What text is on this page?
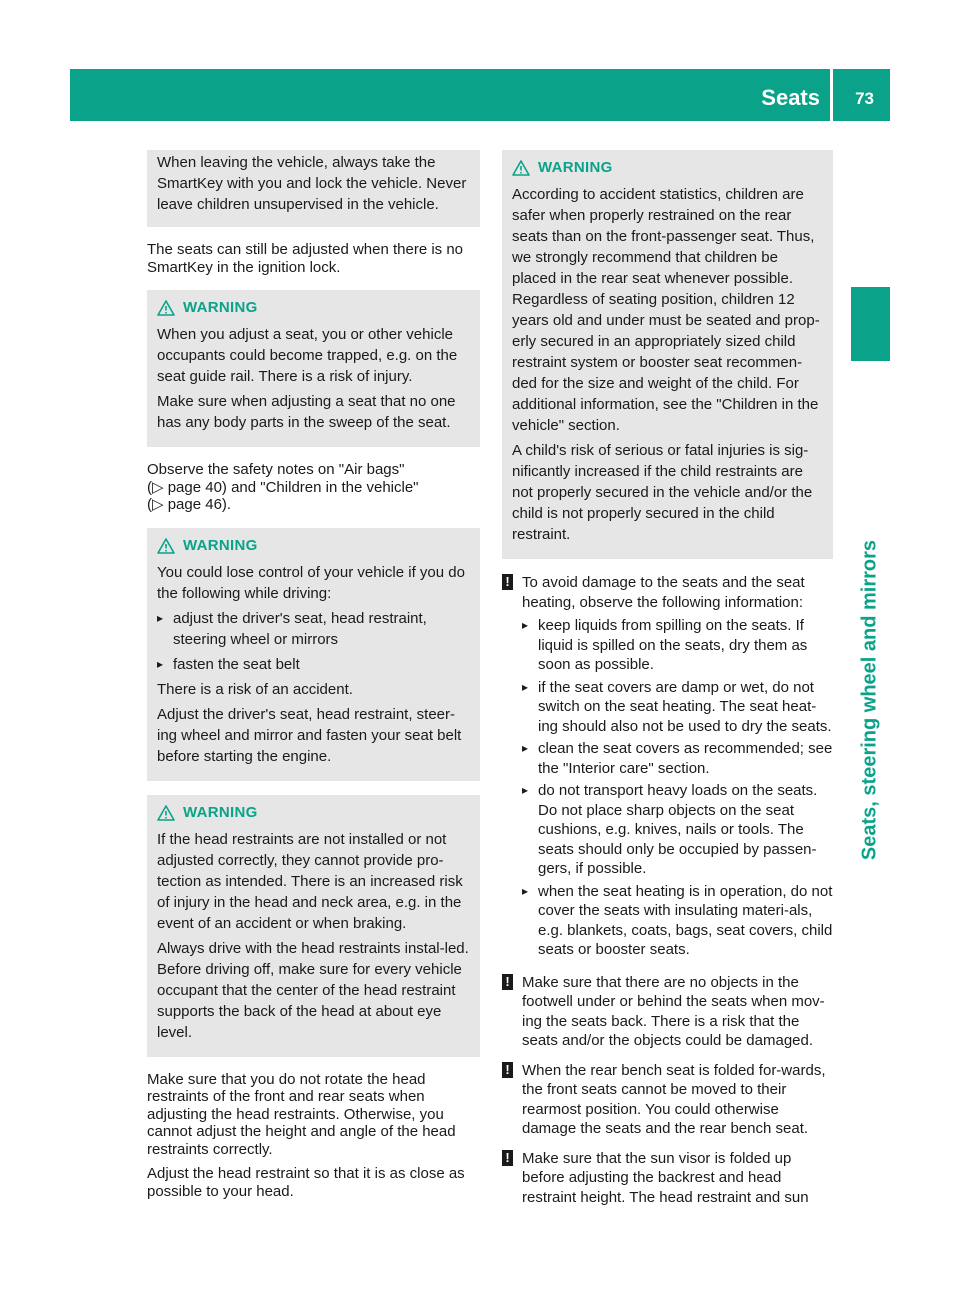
Seats 73
Seats, steering wheel and mirrors

When leaving the vehicle, always take the SmartKey with you and lock the vehicle. Never leave children unsupervised in the vehicle.

The seats can still be adjusted when there is no SmartKey in the ignition lock.

WARNING

When you adjust a seat, you or other vehicle occupants could become trapped, e.g. on the seat guide rail. There is a risk of injury.

Make sure when adjusting a seat that no one has any body parts in the sweep of the seat.

Observe the safety notes on "Air bags"
(▷ page 40) and "Children in the vehicle"
(▷ page 46).

WARNING

You could lose control of your vehicle if you do the following while driving:

▸ adjust the driver's seat, head restraint, steering wheel or mirrors
▸ fasten the seat belt

There is a risk of an accident.

Adjust the driver's seat, head restraint, steer-ing wheel and mirror and fasten your seat belt before starting the engine.

WARNING

If the head restraints are not installed or not adjusted correctly, they cannot provide pro-tection as intended. There is an increased risk of injury in the head and neck area, e.g. in the event of an accident or when braking.

Always drive with the head restraints instal-led. Before driving off, make sure for every vehicle occupant that the center of the head restraint supports the back of the head at about eye level.

Make sure that you do not rotate the head restraints of the front and rear seats when adjusting the head restraints. Otherwise, you cannot adjust the height and angle of the head restraints correctly.

Adjust the head restraint so that it is as close as possible to your head.

WARNING

According to accident statistics, children are safer when properly restrained on the rear seats than on the front-passenger seat. Thus, we strongly recommend that children be placed in the rear seat whenever possible. Regardless of seating position, children 12 years old and under must be seated and prop-erly secured in an appropriately sized child restraint system or booster seat recommen-ded for the size and weight of the child. For additional information, see the "Children in the vehicle" section.

A child's risk of serious or fatal injuries is sig-nificantly increased if the child restraints are not properly secured in the vehicle and/or the child is not properly secured in the child restraint.

! To avoid damage to the seats and the seat heating, observe the following information:

▸ keep liquids from spilling on the seats. If liquid is spilled on the seats, dry them as soon as possible.
▸ if the seat covers are damp or wet, do not switch on the seat heating. The seat heat-ing should also not be used to dry the seats.
▸ clean the seat covers as recommended; see the "Interior care" section.
▸ do not transport heavy loads on the seats. Do not place sharp objects on the seat cushions, e.g. knives, nails or tools. The seats should only be occupied by passen-gers, if possible.
▸ when the seat heating is in operation, do not cover the seats with insulating materi-als, e.g. blankets, coats, bags, seat covers, child seats or booster seats.
! Make sure that there are no objects in the footwell under or behind the seats when mov-ing the seats back. There is a risk that the seats and/or the objects could be damaged.

! When the rear bench seat is folded for-wards, the front seats cannot be moved to their rearmost position. You could otherwise damage the seats and the rear bench seat.

! Make sure that the sun visor is folded up before adjusting the backrest and head restraint height. The head restraint and sun
